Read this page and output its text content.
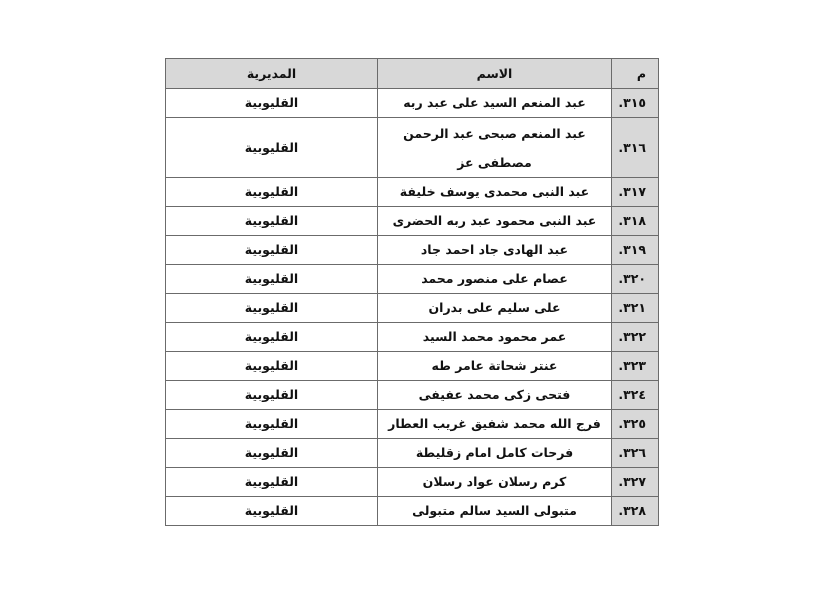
م	الاسم	المديرية
٣١٥.	عبد المنعم السيد على عبد ربه	القليوبية
٣١٦.	عبد المنعم صبحى عبد الرحمن مصطفى عز	القليوبية
٣١٧.	عبد النبى محمدى يوسف خليفة	القليوبية
٣١٨.	عبد النبى محمود عبد ربه الحضرى	القليوبية
٣١٩.	عبد الهادى جاد احمد جاد	القليوبية
٣٢٠.	عصام على منصور محمد	القليوبية
٣٢١.	على سليم على بدران	القليوبية
٣٢٢.	عمر محمود محمد السيد	القليوبية
٣٢٣.	عنتر شحاتة عامر طه	القليوبية
٣٢٤.	فتحى زكى محمد عفيفى	القليوبية
٣٢٥.	فرج الله محمد شفيق غريب العطار	القليوبية
٣٢٦.	فرحات كامل امام زقليطة	القليوبية
٣٢٧.	كرم رسلان عواد رسلان	القليوبية
٣٢٨.	متبولى السيد سالم متبولى	القليوبية
